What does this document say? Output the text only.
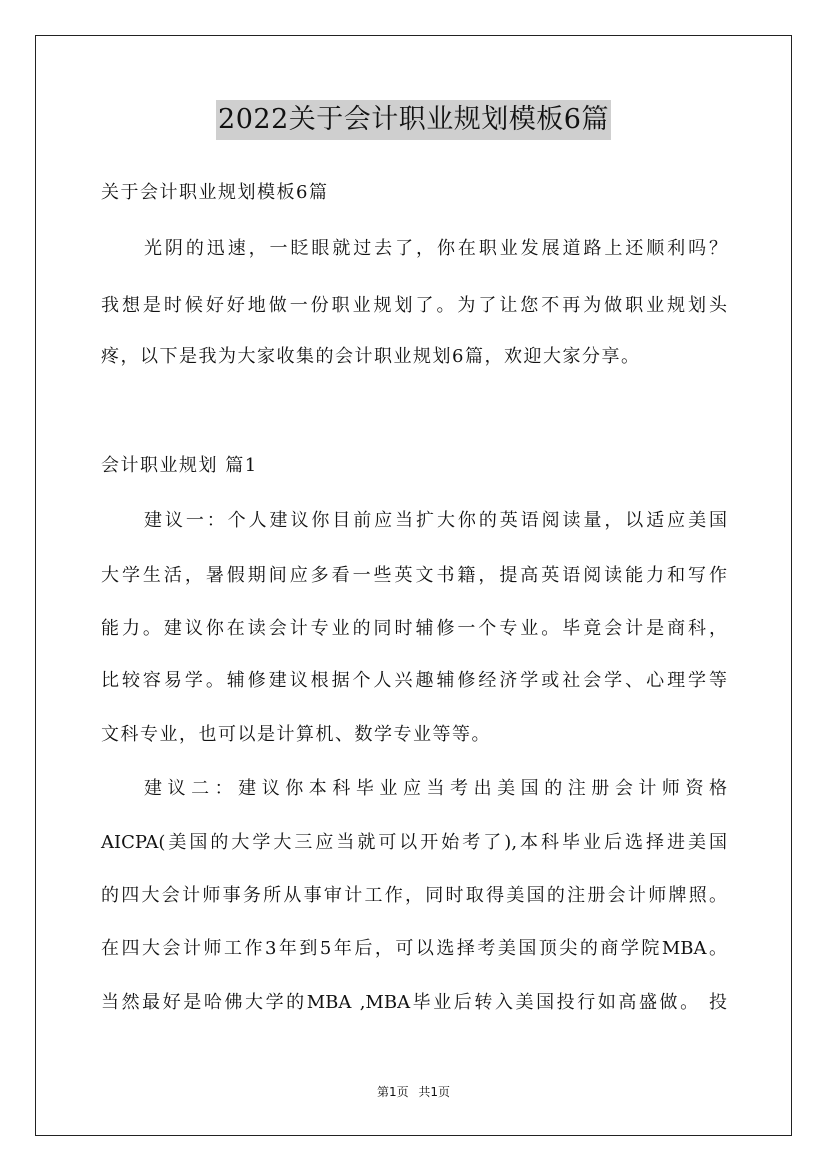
2022关于会计职业规划模板6篇
关于会计职业规划模板6篇
光阴的迅速，一眨眼就过去了，你在职业发展道路上还顺利吗？
我想是时候好好地做一份职业规划了。为了让您不再为做职业规划头
疼，以下是我为大家收集的会计职业规划6篇，欢迎大家分享。
会计职业规划 篇1
建议一：个人建议你目前应当扩大你的英语阅读量，以适应美国
大学生活，暑假期间应多看一些英文书籍，提高英语阅读能力和写作
能力。建议你在读会计专业的同时辅修一个专业。毕竟会计是商科，
比较容易学。辅修建议根据个人兴趣辅修经济学或社会学、心理学等
文科专业，也可以是计算机、数学专业等等。
建议二：建议你本科毕业应当考出美国的注册会计师资格
AICPA(美国的大学大三应当就可以开始考了),本科毕业后选择进美国
的四大会计师事务所从事审计工作，同时取得美国的注册会计师牌照。
在四大会计师工作3年到5年后，可以选择考美国顶尖的商学院MBA。
当然最好是哈佛大学的MBA ,MBA毕业后转入美国投行如高盛做。 投
第1页 共1页
